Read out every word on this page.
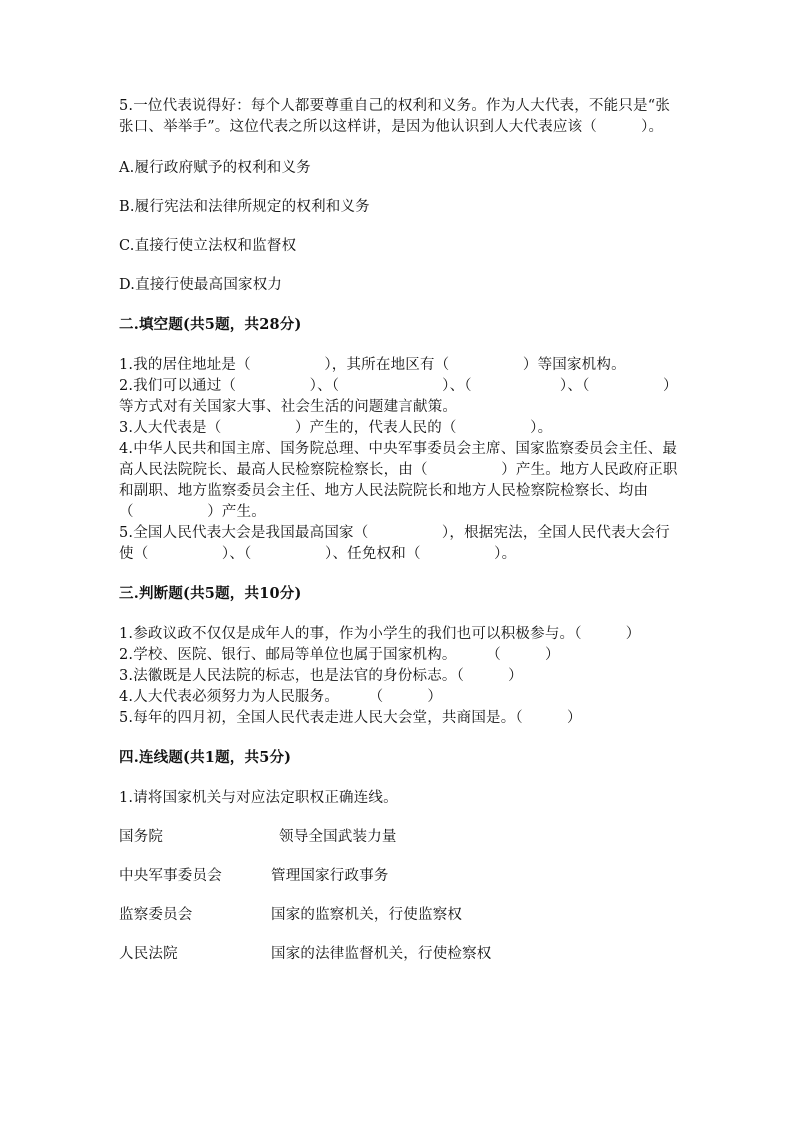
5.一位代表说得好：每个人都要尊重自己的权利和义务。作为人大代表，不能只是“张张口、举举手”。这位代表之所以这样讲，是因为他认识到人大代表应该（　　　）。

A.履行政府赋予的权利和义务

B.履行宪法和法律所规定的权利和义务

C.直接行使立法权和监督权

D.直接行使最高国家权力

二.填空题(共5题，共28分)

1.我的居住地址是（　　　　　），其所在地区有（　　　　　）等国家机构。

2.我们可以通过（　　　　　）、（　　　　　　　）、（　　　　　　）、（　　　　　）等方式对有关国家大事、社会生活的问题建言献策。

3.人大代表是（　　　　　）产生的，代表人民的（　　　　　）。

4.中华人民共和国主席、国务院总理、中央军事委员会主席、国家监察委员会主任、最高人民法院院长、最高人民检察院检察长，由（　　　　　）产生。地方人民政府正职和副职、地方监察委员会主任、地方人民法院院长和地方人民检察院检察长、均由（　　　　　）产生。

5.全国人民代表大会是我国最高国家（　　　　　），根据宪法，全国人民代表大会行使（　　　　　）、（　　　　　）、任免权和（　　　　　）。

三.判断题(共5题，共10分)

1.参政议政不仅仅是成年人的事，作为小学生的我们也可以积极参与。（　　　）

2.学校、医院、银行、邮局等单位也属于国家机构。　　　（　　　）

3.法徽既是人民法院的标志，也是法官的身份标志。（　　　）

4.人大代表必须努力为人民服务。　　　（　　　）

5.每年的四月初，全国人民代表走进人民大会堂，共商国是。（　　　）

四.连线题(共1题，共5分)

1.请将国家机关与对应法定职权正确连线。

国务院	领导全国武装力量
中央军事委员会	管理国家行政事务
监察委员会	国家的监察机关，行使监察权
人民法院	国家的法律监督机关，行使检察权
